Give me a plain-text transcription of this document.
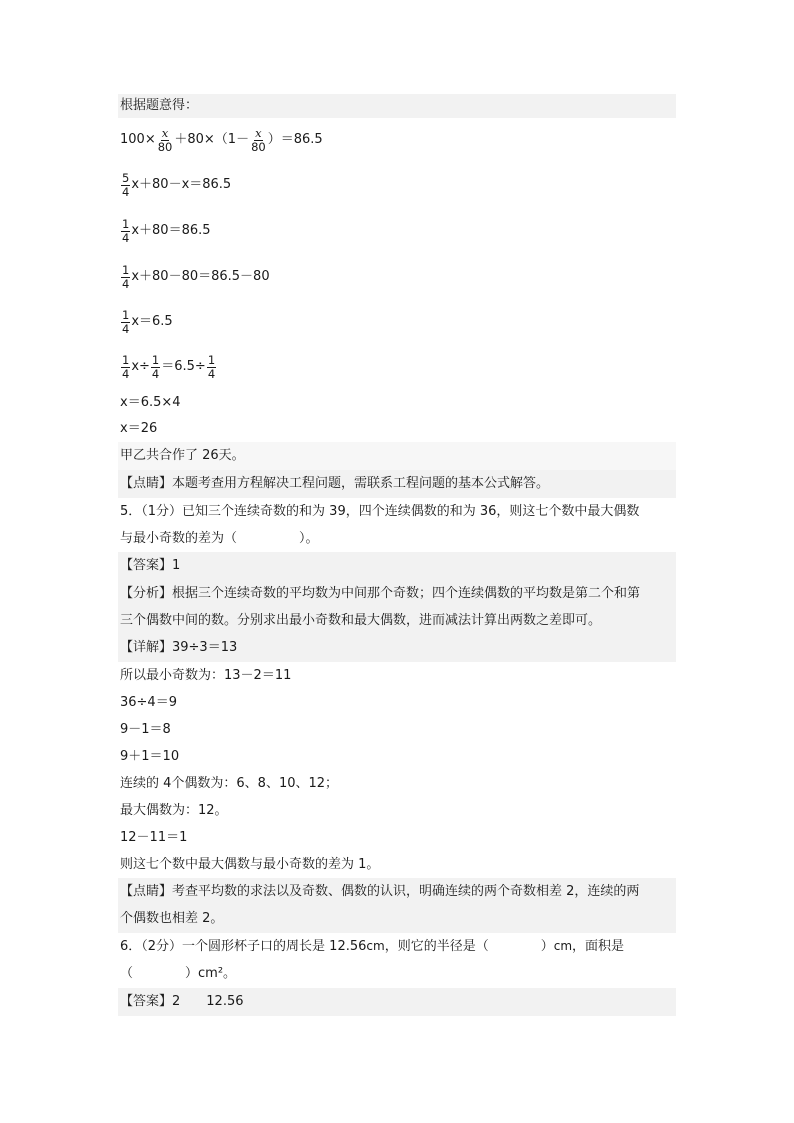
根据题意得：
$100\times \frac{x}{80} +80\times(1- \frac{x}{80} )=86.5$
$\frac{5}{4} x+80-x=86.5$
$\frac{1}{4} x+80=86.5$
$\frac{1}{4} x+80-80=86.5-80$
$\frac{1}{4} x=6.5$
$\frac{1}{4} x\div \frac{1}{4} =6.5\div \frac{1}{4}$
x＝6.5×4
x＝26
甲乙共合作了 26天。
【点睛】本题考查用方程解决工程问题，需联系工程问题的基本公式解答。
5．（1分）已知三个连续奇数的和为 39，四个连续偶数的和为 36，则这七个数中最大偶数
与最小奇数的差为（	）。
【答案】1
【分析】根据三个连续奇数的平均数为中间那个奇数；四个连续偶数的平均数是第二个和第
三个偶数中间的数。分别求出最小奇数和最大偶数，进而减法计算出两数之差即可。
【详解】39÷3＝13
所以最小奇数为：13－2＝11
36÷4＝9
9－1＝8
9＋1＝10
连续的 4个偶数为：6、8、10、12；
最大偶数为：12。
12－11＝1
则这七个数中最大偶数与最小奇数的差为 1。
【点睛】考查平均数的求法以及奇数、偶数的认识，明确连续的两个奇数相差 2，连续的两
个偶数也相差 2。
6．（2分）一个圆形杯子口的周长是 12.56cm，则它的半径是（	）cm，面积是
（	）cm²。
【答案】2 12.56
